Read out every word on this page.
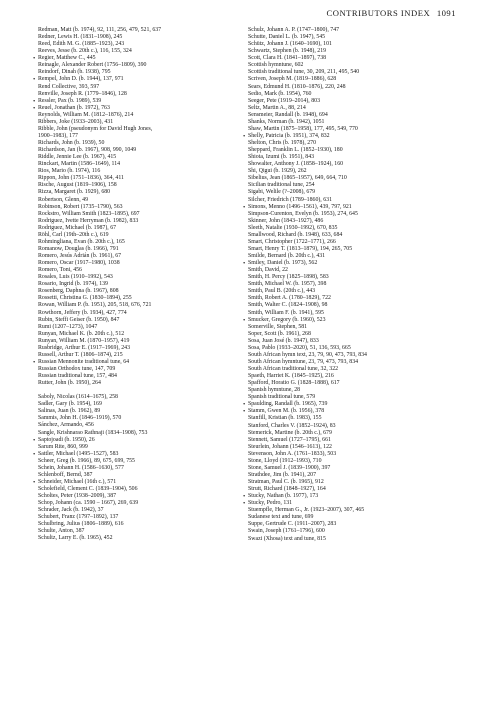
CONTRIBUTORS INDEX 1091
Redman, Matt (b. 1974), 92, 111, 256, 479, 521, 637
Redner, Lewis H. (1831–1908), 245
Reed, Edith M. G. (1885–1923), 243
Reeves, Jesse (b. 20th c.), 116, 155, 324
• Regier, Matthew C., 445
Reinagle, Alexander Robert (1756–1809), 390
Reindorf, Dinah (b. 1938), 795
• Rempel, John D. (b. 1944), 137, 971
Rend Collective, 393, 597
Renville, Joseph R. (1779–1846), 128
• Ressler, Pax (b. 1989), 539
• Reuel, Jonathan (b. 1972), 763
Reynolds, William M. (1812–1876), 214
Ribbers, Joke (1933–2003), 431
Ribble, John (pseudonym for David Hugh Jones,
1900–1983), 177
Richards, John (b. 1939), 50
Richardson, Jan (b. 1967), 908, 990, 1049
Riddle, Jennie Lee (b. 1967), 415
Rinckart, Martin (1586–1649), 114
Rios, Mario (b. 1974), 116
Rippon, John (1751–1836), 364, 411
Rische, August (1819–1906), 158
Rizza, Margaret (b. 1929), 680
Robertson, Glenn, 49
Robinson, Robert (1735–1790), 563
Rockstro, William Smith (1823–1895), 697
Rodriguez, Ivette Herryman (b. 1982), 833
Rodriguez, Michael (b. 1987), 67
Röhl, Carl (19th–20th c.), 619
Rohmingliana, Evan (b. 20th c.), 165
Romanow, Douglas (b. 1966), 791
Romero, Jesús Adrián (b. 1961), 67
Romero, Oscar (1917–1980), 1038
Romero, Toni, 456
Rosales, Luis (1910–1992), 543
Rosario, Ingrid (b. 1974), 139
Rosenberg, Daphna (b. 1967), 808
Rossetti, Christina G. (1830–1894), 255
Rowan, William P. (b. 1951), 205, 518, 676, 721
Rowthorn, Jeffery (b. 1934), 427, 774
Rubin, Steffi Geiser (b. 1950), 847
Rumi (1207–1273), 1047
Runyan, Michael K. (b. 20th c.), 512
Runyan, William M. (1870–1957), 419
Rusbridge, Arthur E. (1917–1969), 243
Russell, Arthur T. (1806–1874), 215
• Russian Mennonite traditional tune, 64
Russian Orthodox tune, 147, 709
Russian traditional tune, 157, 484
Rutter, John (b. 1950), 264
Saboly, Nicolas (1614–1675), 258
Sadler, Gary (b. 1954), 169
Salinas, Juan (b. 1962), 89
Sammis, John H. (1846–1919), 570
Sánchez, Armando, 456
Sangle, Krishnarao Rathnaji (1834–1908), 753
• Saptojoadi (b. 1950), 26
Sarum Rite, 860, 999
• Sattler, Michael (1495–1527), 583
Scheer, Greg (b. 1966), 89, 675, 699, 755
Schein, Johann H. (1586–1630), 577
Schlenboff, Bernd, 387
• Schneider, Michael (16th c.), 571
Scholefield, Clement C. (1839–1904), 506
Scholtes, Peter (1938–2009), 387
Schop, Johann (ca. 1590 – 1667), 269, 639
Schrader, Jack (b. 1942), 37
Schubert, Franz (1797–1892), 137
Schulbring, Julius (1806–1889), 616
Schulte, Anton, 387
Schultz, Larry E. (b. 1965), 452
Schulz, Johann A. P. (1747–1800), 747
Schutte, Daniel L. (b. 1947), 545
Schütz, Johann J. (1640–1690), 101
Schwartz, Stephen (b. 1948), 219
Scott, Clara H. (1841–1897), 738
Scottish hymntune, 602
Scottish traditional tune, 30, 209, 211, 495, 540
Scriven, Joseph M. (1819–1886), 628
Sears, Edmund H. (1810–1876), 220, 248
Sedio, Mark (b. 1954), 760
Seeger, Pete (1919–2014), 803
Seltz, Martin A., 88, 214
Sensmeier, Randall (b. 1948), 694
Shanks, Norman (b. 1942), 1051
Shaw, Martin (1875–1958), 177, 495, 549, 770
• Shelly, Patricia (b. 1951), 374, 832
Shelton, Chris (b. 1978), 270
Sheppard, Franklin L. (1852–1930), 180
Shiota, Izumi (b. 1951), 843
Showalter, Anthony J. (1858–1924), 160
Shi, Qigui (b. 1929), 262
Sibelius, Jean (1865–1957), 649, 664, 710
Sicilian traditional tune, 254
Sigabi, Welile (?–2008), 679
Silcher, Friedrich (1789–1860), 631
• Simons, Menno (1496–1561), 439, 797, 921
Simpson-Curenton, Evelyn (b. 1953), 274, 645
Skinner, John (1843–1927), 486
Sleeth, Natalie (1930–1992), 670, 835
Smallwood, Richard (b. 1948), 633, 684
Smart, Christopher (1722–1771), 266
Smart, Henry T. (1813–1879), 194, 265, 705
Smilde, Bernard (b. 20th c.), 431
• Smiley, Daniel (b. 1973), 562
Smith, David, 22
Smith, H. Percy (1825–1898), 583
Smith, Michael W. (b. 1957), 398
Smith, Paul B. (20th c.), 443
Smith, Robert A. (1780–1829), 722
Smith, Walter C. (1824–1908), 98
Smith, William F. (b. 1941), 595
• Smucker, Gregory (b. 1960), 523
Somerville, Stephen, 581
Soper, Scott (b. 1961), 268
Sosa, Juan José (b. 1947), 833
Sosa, Pablo (1933–2020), 51, 136, 593, 665
South African hymn text, 23, 79, 90, 473, 793, 834
South African hymntune, 23, 79, 473, 793, 834
South African traditional tune, 32, 322
Spaeth, Harriet K. (1845–1925), 216
Spafford, Horatio G. (1828–1888), 617
Spanish hymntune, 28
Spanish traditional tune, 579
• Spaulding, Randall (b. 1965), 739
• Stamm, Gwen M. (b. 1956), 378
Stanfill, Kristian (b. 1983), 155
Stanford, Charles V. (1852–1924), 83
Stemerick, Martine (b. 20th c.), 679
Stennett, Samuel (1727–1795), 661
Steurlein, Johann (1546–1613), 122
Stevenson, John A. (1761–1833), 503
Stone, Lloyd (1912–1993), 710
Stone, Samuel J. (1839–1900), 397
Strathdee, Jim (b. 1941), 207
Stratman, Paul C. (b. 1965), 912
Strutt, Richard (1848–1927), 164
• Stucky, Nathan (b. 1977), 173
• Stucky, Pedro, 131
Stuempfle, Herman G., Jr. (1923–2007), 307, 465
Sudanese text and tune, 699
Suppe, Gertrude C. (1911–2007), 283
Swain, Joseph (1761–1796), 600
Swazi (Xhosa) text and tune, 815
